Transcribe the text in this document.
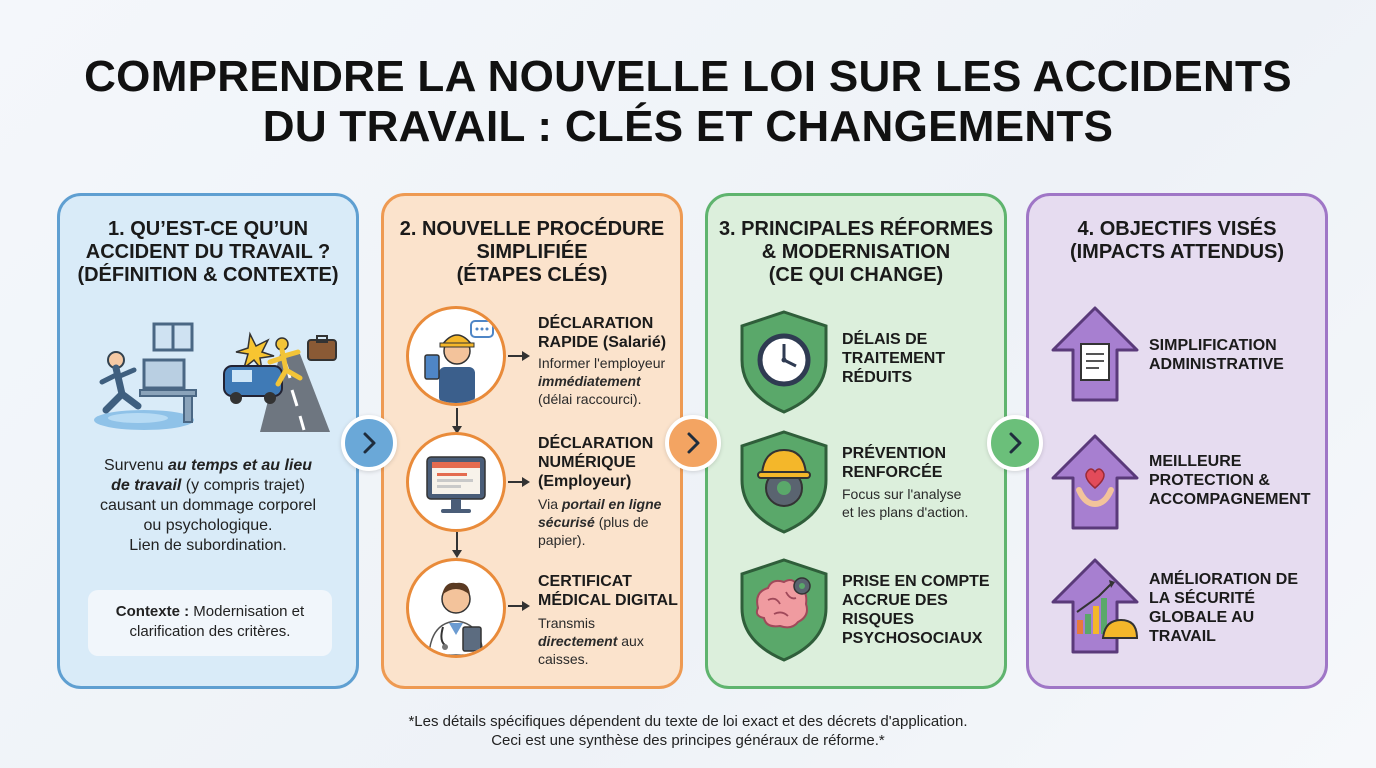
COMPRENDRE LA NOUVELLE LOI SUR LES ACCIDENTS
DU TRAVAIL : CLÉS ET CHANGEMENTS
1. QU’EST-CE QU’UN
ACCIDENT DU TRAVAIL ?
(DÉFINITION & CONTEXTE)
Survenu au temps et au lieu
de travail (y compris trajet)
causant un dommage corporel
ou psychologique.
Lien de subordination.
Contexte : Modernisation et
clarification des critères.
2. NOUVELLE PROCÉDURE
SIMPLIFIÉE
(ÉTAPES CLÉS)
DÉCLARATION
RAPIDE (Salarié)
Informer l'employeur
immédiatement
(délai raccourci).
DÉCLARATION
NUMÉRIQUE
(Employeur)
Via portail en ligne
sécurisé (plus de
papier).
CERTIFICAT
MÉDICAL DIGITAL
Transmis
directement aux
caisses.
3. PRINCIPALES RÉFORMES
& MODERNISATION
(CE QUI CHANGE)
DÉLAIS DE
TRAITEMENT
RÉDUITS
PRÉVENTION
RENFORCÉE
Focus sur l'analyse
et les plans d'action.
PRISE EN COMPTE
ACCRUE DES
RISQUES
PSYCHOSOCIAUX
4. OBJECTIFS VISÉS
(IMPACTS ATTENDUS)
SIMPLIFICATION
ADMINISTRATIVE
MEILLEURE
PROTECTION &
ACCOMPAGNEMENT
AMÉLIORATION DE
LA SÉCURITÉ
GLOBALE AU
TRAVAIL
*Les détails spécifiques dépendent du texte de loi exact et des décrets d'application.
Ceci est une synthèse des principes généraux de réforme.*
